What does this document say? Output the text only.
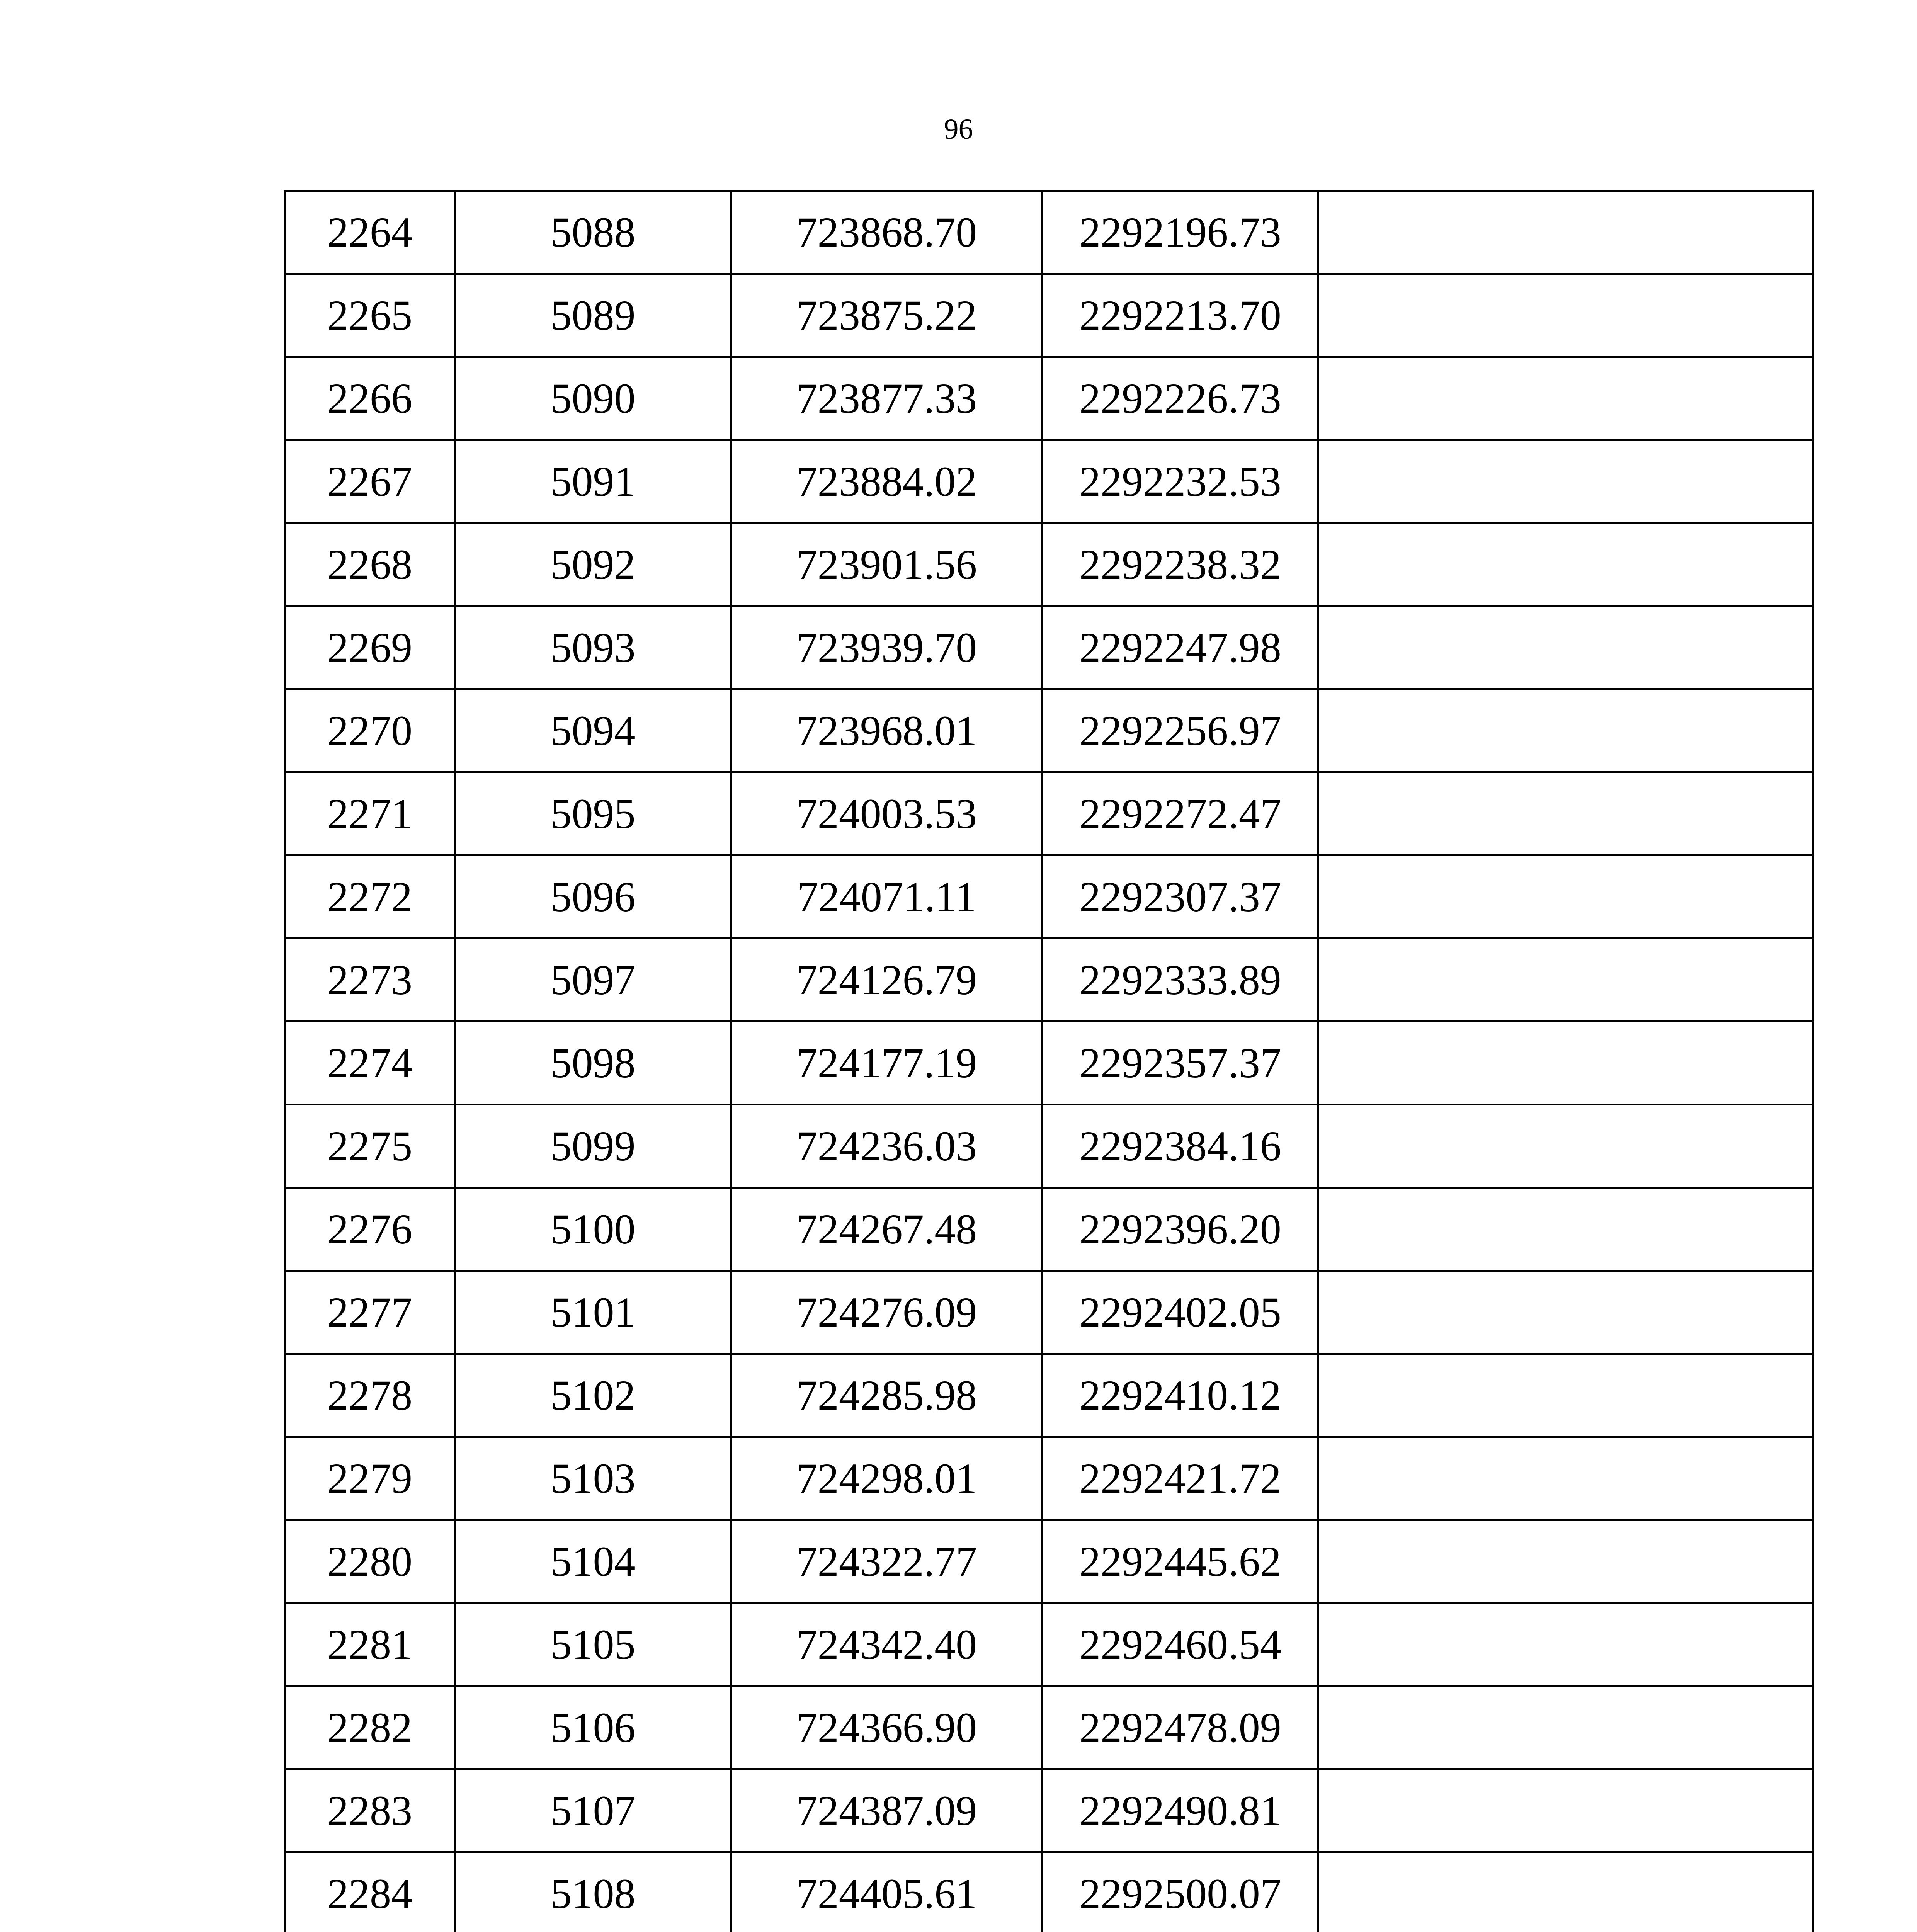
96
2264	5088	723868.70	2292196.73	
2265	5089	723875.22	2292213.70	
2266	5090	723877.33	2292226.73	
2267	5091	723884.02	2292232.53	
2268	5092	723901.56	2292238.32	
2269	5093	723939.70	2292247.98	
2270	5094	723968.01	2292256.97	
2271	5095	724003.53	2292272.47	
2272	5096	724071.11	2292307.37	
2273	5097	724126.79	2292333.89	
2274	5098	724177.19	2292357.37	
2275	5099	724236.03	2292384.16	
2276	5100	724267.48	2292396.20	
2277	5101	724276.09	2292402.05	
2278	5102	724285.98	2292410.12	
2279	5103	724298.01	2292421.72	
2280	5104	724322.77	2292445.62	
2281	5105	724342.40	2292460.54	
2282	5106	724366.90	2292478.09	
2283	5107	724387.09	2292490.81	
2284	5108	724405.61	2292500.07	
